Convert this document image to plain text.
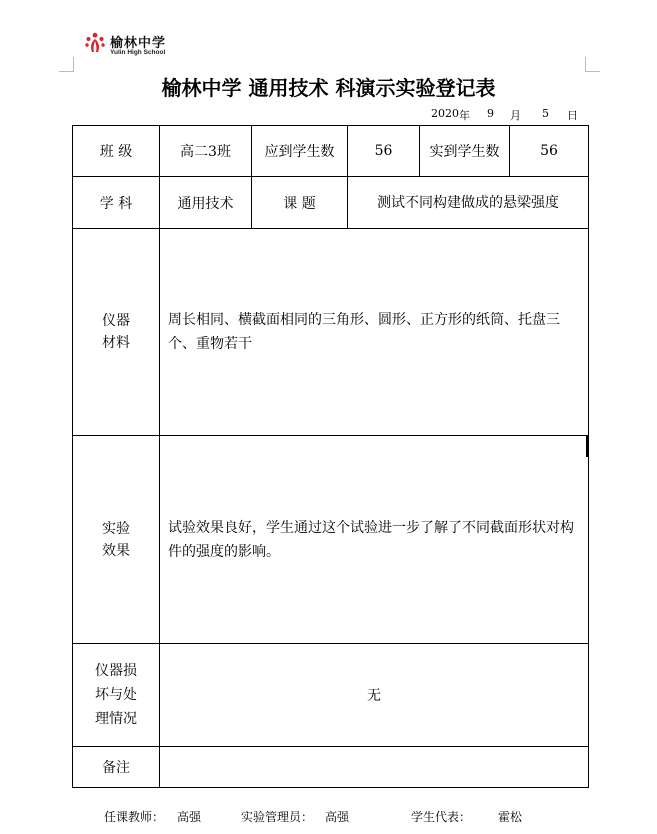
榆林中学
Yulin High School
榆林中学 通用技术 科演示实验登记表
2020 年 9 月 5 日
班 级	高二3班	应到学生数	56	实到学生数	56
学 科	通用技术	课 题	测试不同构建做成的悬梁强度		
仪器材料	周长相同、横截面相同的三角形、圆形、正方形的纸筒、托盘三个、重物若干				
实验效果	试验效果良好，学生通过这个试验进一步了解了不同截面形状对构件的强度的影响。				
仪器损坏与处理情况	无				
备注					
任课教师： 高强	实验管理员： 高强	学生代表： 霍松
